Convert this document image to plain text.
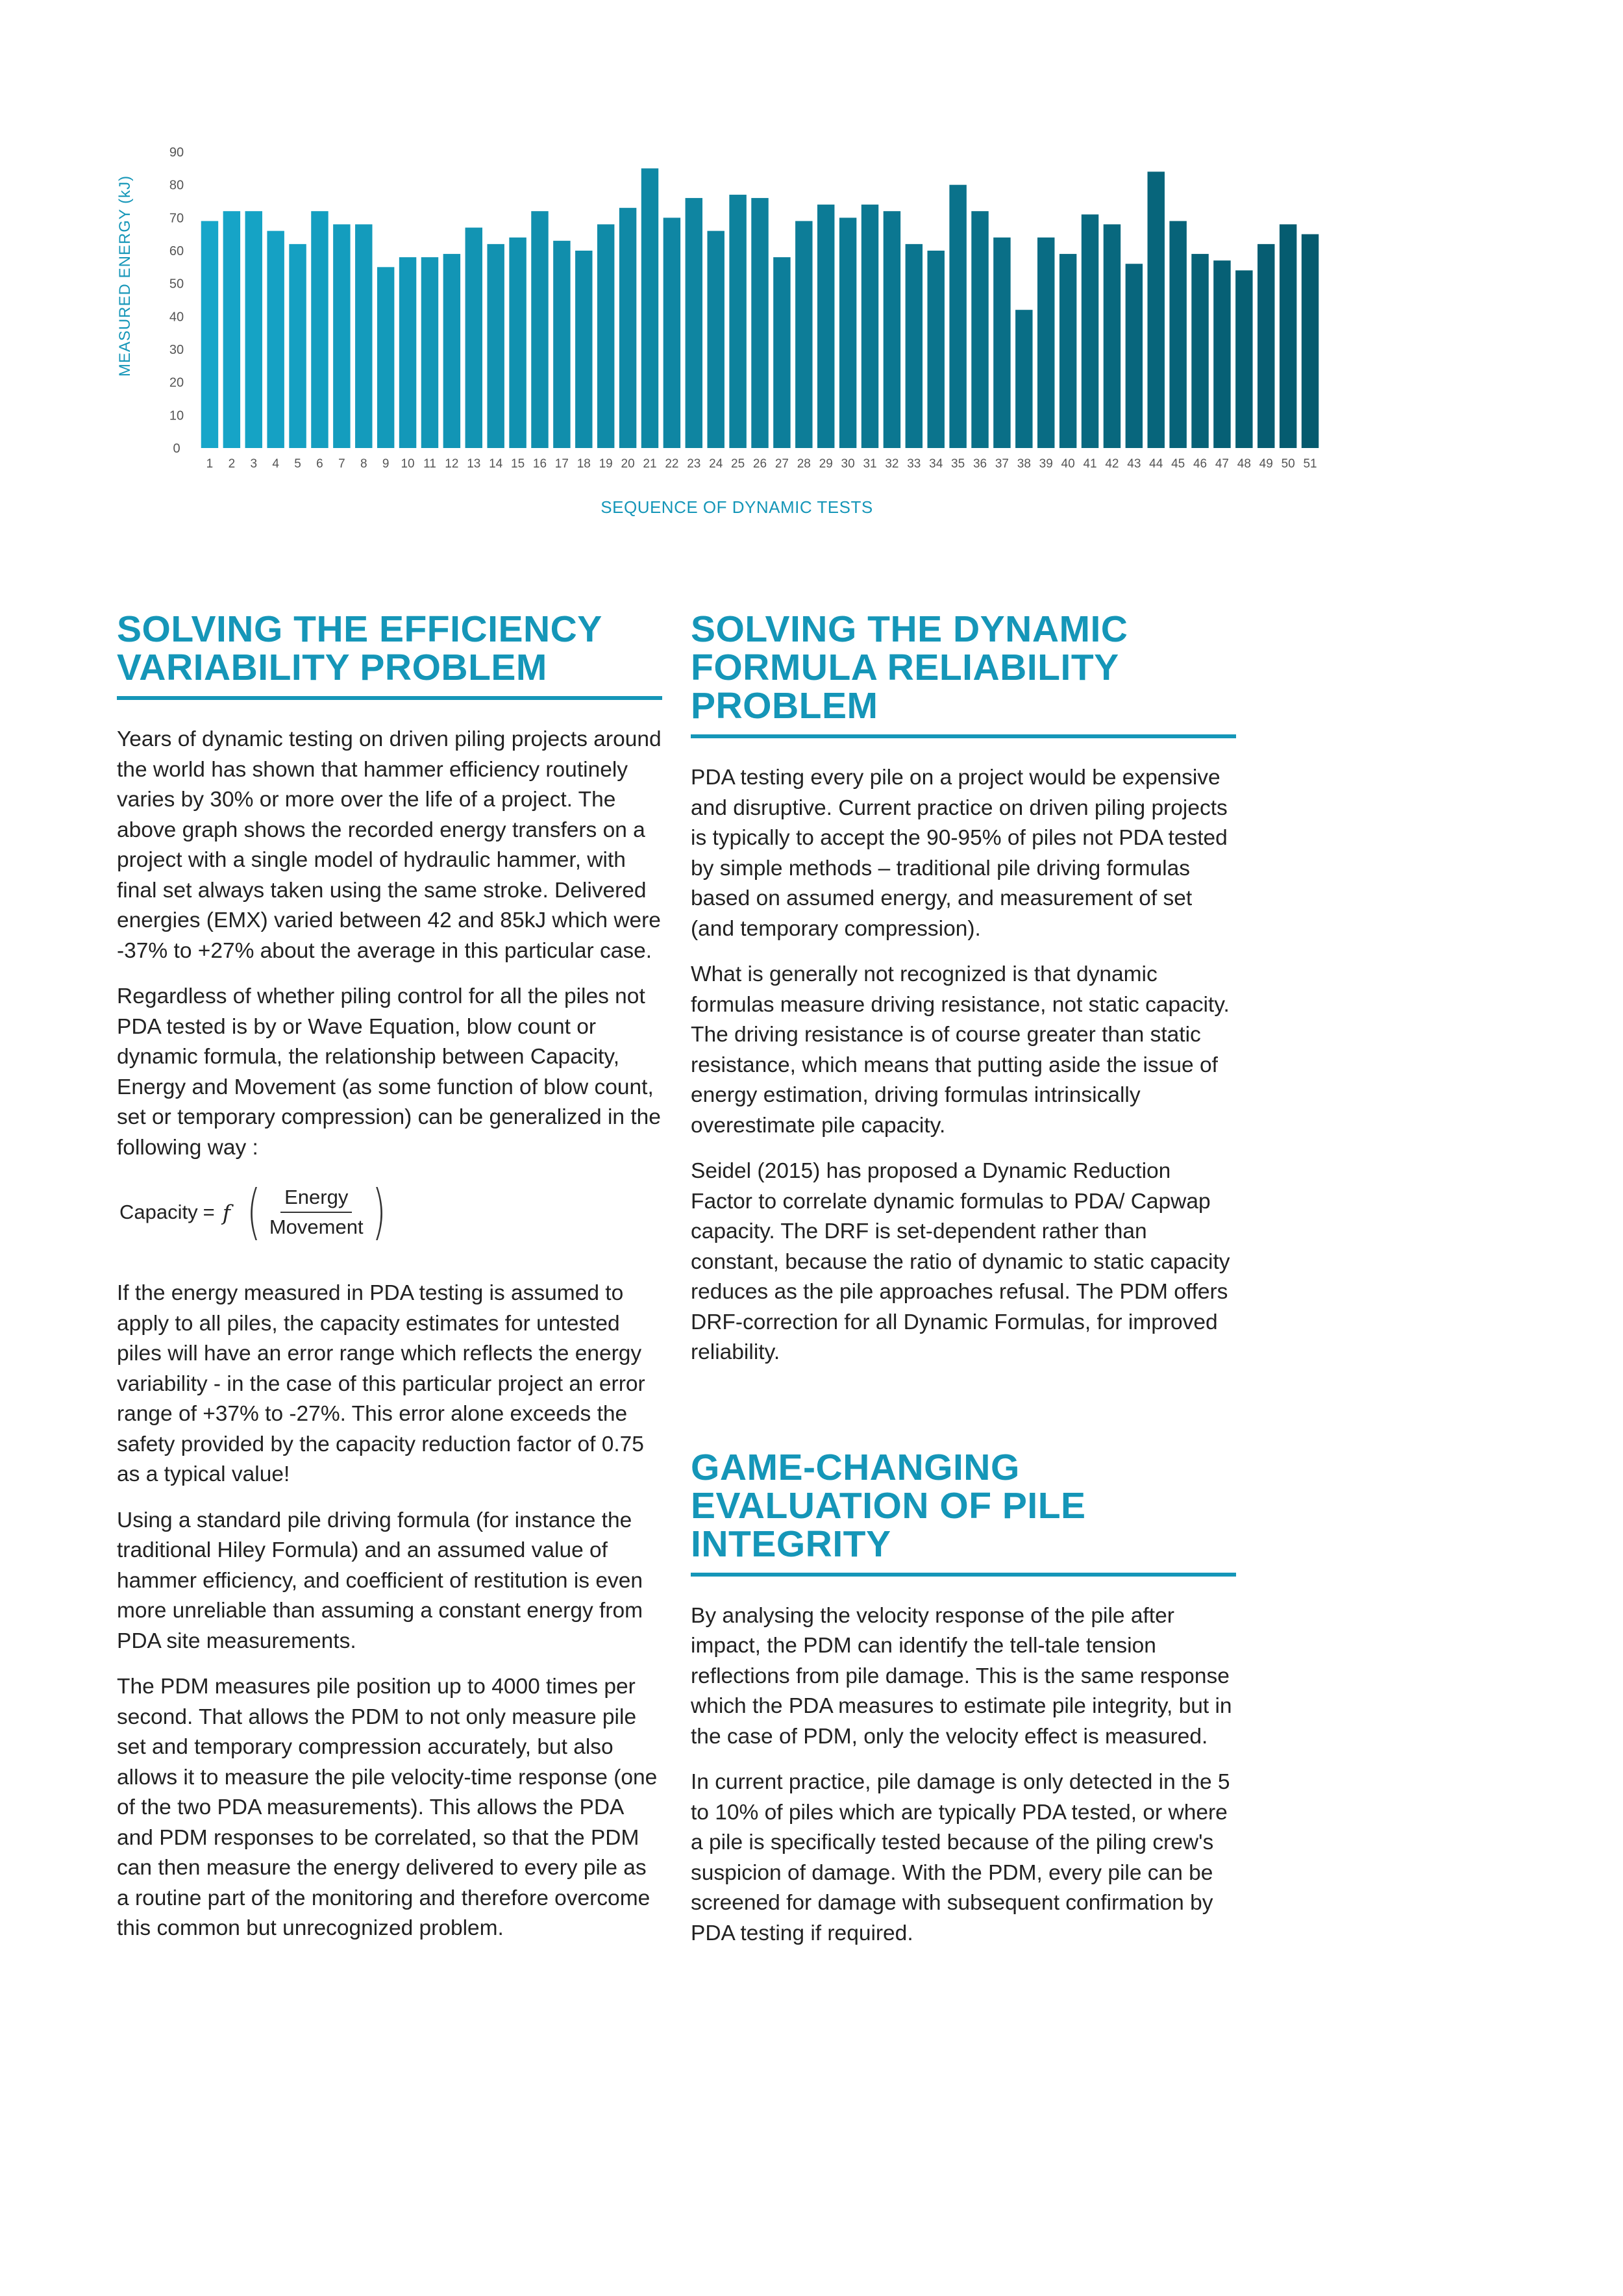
0
10
20
30
40
50
60
70
80
90
1 2 3 4 5 6 7 8 9 10 11 12 13 14 15 16 17 18 19 20 21 22 23 24 25 26 27 28 29 30 31 32 33 34 35 36 37 38 39 40 41 42 43 44 45 46 47 48 49 50 51
MEASURED ENERGY (kJ)
SEQUENCE OF DYNAMIC TESTS
SOLVING THE EFFICIENCY VARIABILITY PROBLEM

Years of dynamic testing on driven piling projects around the world has shown that hammer efficiency routinely varies by 30% or more over the life of a project. The above graph shows the recorded energy transfers on a project with a single model of hydraulic hammer, with final set always taken using the same stroke. Delivered energies (EMX) varied between 42 and 85kJ which were -37% to +27% about the average in this particular case.

Regardless of whether piling control for all the piles not PDA tested is by or Wave Equation, blow count or dynamic formula, the relationship between Capacity, Energy and Movement (as some function of blow count, set or temporary compression) can be generalized in the following way :

Capacity = f ( $\frac{\text{Energy}}{\text{Movement}}$ )

If the energy measured in PDA testing is assumed to apply to all piles, the capacity estimates for untested piles will have an error range which reflects the energy variability - in the case of this particular project an error range of +37% to -27%. This error alone exceeds the safety provided by the capacity reduction factor of 0.75 as a typical value!

Using a standard pile driving formula (for instance the traditional Hiley Formula) and an assumed value of hammer efficiency, and coefficient of restitution is even more unreliable than assuming a constant energy from PDA site measurements.

The PDM measures pile position up to 4000 times per second. That allows the PDM to not only measure pile set and temporary compression accurately, but also allows it to measure the pile velocity-time response (one of the two PDA measurements). This allows the PDA and PDM responses to be correlated, so that the PDM can then measure the energy delivered to every pile as a routine part of the monitoring and therefore overcome this common but unrecognized problem.

SOLVING THE DYNAMIC FORMULA RELIABILITY PROBLEM

PDA testing every pile on a project would be expensive and disruptive. Current practice on driven piling projects is typically to accept the 90-95% of piles not PDA tested by simple methods – traditional pile driving formulas based on assumed energy, and measurement of set (and temporary compression).

What is generally not recognized is that dynamic formulas measure driving resistance, not static capacity. The driving resistance is of course greater than static resistance, which means that putting aside the issue of energy estimation, driving formulas intrinsically overestimate pile capacity.

Seidel (2015) has proposed a Dynamic Reduction Factor to correlate dynamic formulas to PDA/ Capwap capacity. The DRF is set-dependent rather than constant, because the ratio of dynamic to static capacity reduces as the pile approaches refusal. The PDM offers DRF-correction for all Dynamic Formulas, for improved reliability.

GAME-CHANGING EVALUATION OF PILE INTEGRITY

By analysing the velocity response of the pile after impact, the PDM can identify the tell-tale tension reflections from pile damage. This is the same response which the PDA measures to estimate pile integrity, but in the case of PDM, only the velocity effect is measured.

In current practice, pile damage is only detected in the 5 to 10% of piles which are typically PDA tested, or where a pile is specifically tested because of the piling crew's suspicion of damage. With the PDM, every pile can be screened for damage with subsequent confirmation by PDA testing if required.
